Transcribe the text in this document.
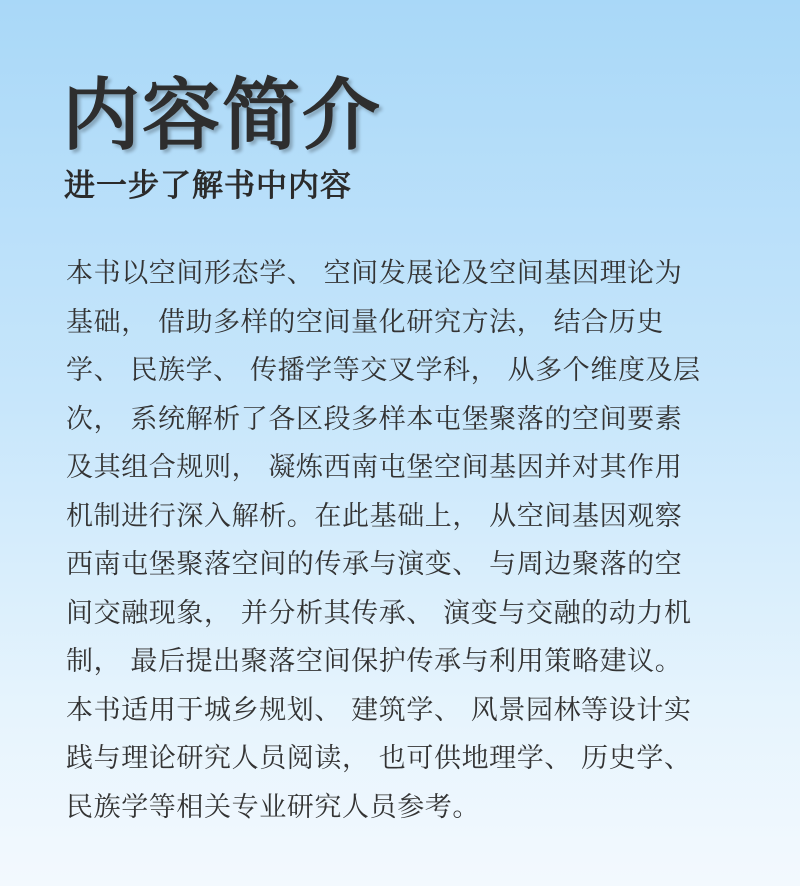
内容简介
进一步了解书中内容
本书以空间形态学、 空间发展论及空间基因理论为
基础， 借助多样的空间量化研究方法， 结合历史
学、 民族学、 传播学等交叉学科， 从多个维度及层
次， 系统解析了各区段多样本屯堡聚落的空间要素
及其组合规则， 凝炼西南屯堡空间基因并对其作用
机制进行深入解析。在此基础上， 从空间基因观察
西南屯堡聚落空间的传承与演变、 与周边聚落的空
间交融现象， 并分析其传承、 演变与交融的动力机
制， 最后提出聚落空间保护传承与利用策略建议。
本书适用于城乡规划、 建筑学、 风景园林等设计实
践与理论研究人员阅读， 也可供地理学、 历史学、
民族学等相关专业研究人员参考。
